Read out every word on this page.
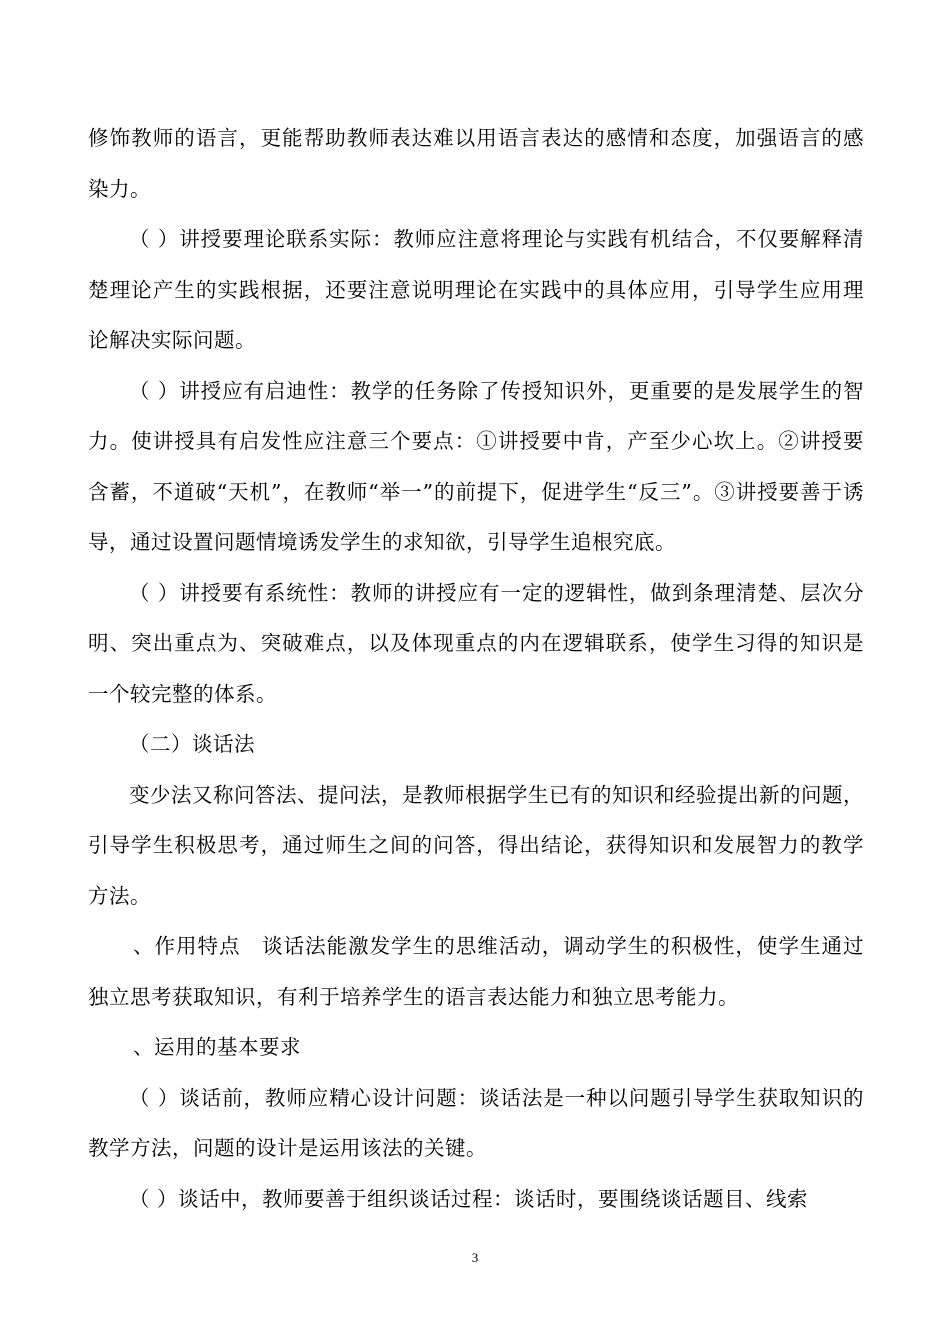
修饰教师的语言，更能帮助教师表达难以用语言表达的感情和态度，加强语言的感染力。

（ ）讲授要理论联系实际：教师应注意将理论与实践有机结合，不仅要解释清楚理论产生的实践根据，还要注意说明理论在实践中的具体应用，引导学生应用理论解决实际问题。

（ ）讲授应有启迪性：教学的任务除了传授知识外，更重要的是发展学生的智力。使讲授具有启发性应注意三个要点：①讲授要中肯，产至少心坎上。②讲授要含蓄，不道破“天机”，在教师“举一”的前提下，促进学生“反三”。③讲授要善于诱导，通过设置问题情境诱发学生的求知欲，引导学生追根究底。

（ ）讲授要有系统性：教师的讲授应有一定的逻辑性，做到条理清楚、层次分明、突出重点为、突破难点，以及体现重点的内在逻辑联系，使学生习得的知识是一个较完整的体系。

（二）谈话法

变少法又称问答法、提问法，是教师根据学生已有的知识和经验提出新的问题，引导学生积极思考，通过师生之间的问答，得出结论，获得知识和发展智力的教学方法。

、作用特点　谈话法能激发学生的思维活动，调动学生的积极性，使学生通过独立思考获取知识，有利于培养学生的语言表达能力和独立思考能力。

、运用的基本要求

（ ）谈话前，教师应精心设计问题：谈话法是一种以问题引导学生获取知识的教学方法，问题的设计是运用该法的关键。

（ ）谈话中，教师要善于组织谈话过程：谈话时，要围绕谈话题目、线索

3
